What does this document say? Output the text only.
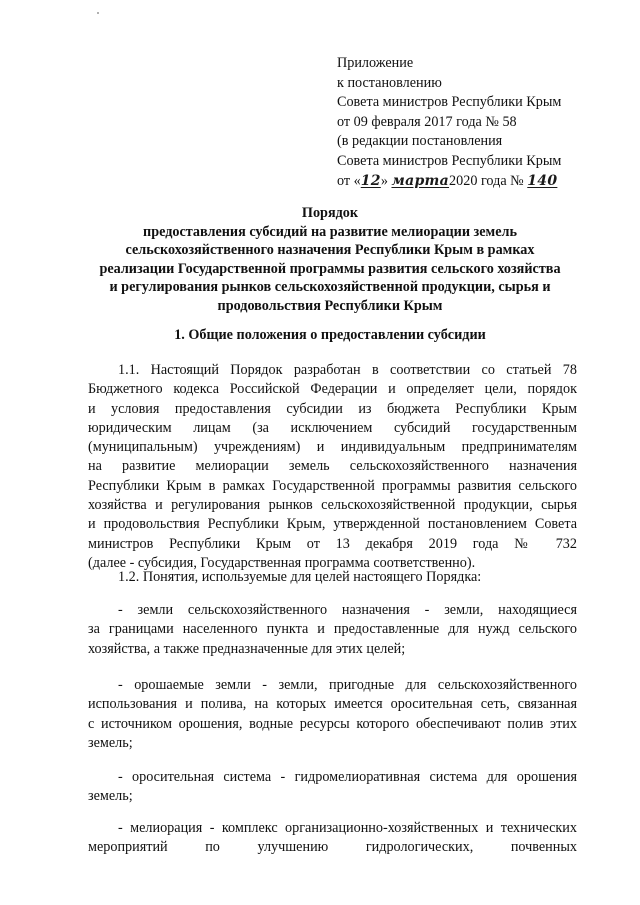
Приложение
к постановлению
Совета министров Республики Крым
от 09 февраля 2017 года № 58
(в редакции постановления
Совета министров Республики Крым
от «12» марта2020 года № 140
Порядок
предоставления субсидий на развитие мелиорации земель
сельскохозяйственного назначения Республики Крым в рамках
реализации Государственной программы развития сельского хозяйства
и регулирования рынков сельскохозяйственной продукции, сырья и
продовольствия Республики Крым
1. Общие положения о предоставлении субсидии
1.1. Настоящий Порядок разработан в соответствии со статьей 78
Бюджетного кодекса Российской Федерации и определяет цели, порядок
и условия предоставления субсидии из бюджета Республики Крым
юридическим лицам (за исключением субсидий государственным
(муниципальным) учреждениям) и индивидуальным предпринимателям
на развитие мелиорации земель сельскохозяйственного назначения
Республики Крым в рамках Государственной программы развития сельского
хозяйства и регулирования рынков сельскохозяйственной продукции, сырья
и продовольствия Республики Крым, утвержденной постановлением Совета
министров Республики Крым от 13 декабря 2019 года № 732
(далее - субсидия, Государственная программа соответственно).
1.2. Понятия, используемые для целей настоящего Порядка:
- земли сельскохозяйственного назначения - земли, находящиеся
за границами населенного пункта и предоставленные для нужд сельского
хозяйства, а также предназначенные для этих целей;
- орошаемые земли - земли, пригодные для сельскохозяйственного
использования и полива, на которых имеется оросительная сеть, связанная
с источником орошения, водные ресурсы которого обеспечивают полив этих
земель;
- оросительная система - гидромелиоративная система для орошения
земель;
- мелиорация - комплекс организационно-хозяйственных и технических
мероприятий по улучшению гидрологических, почвенных
